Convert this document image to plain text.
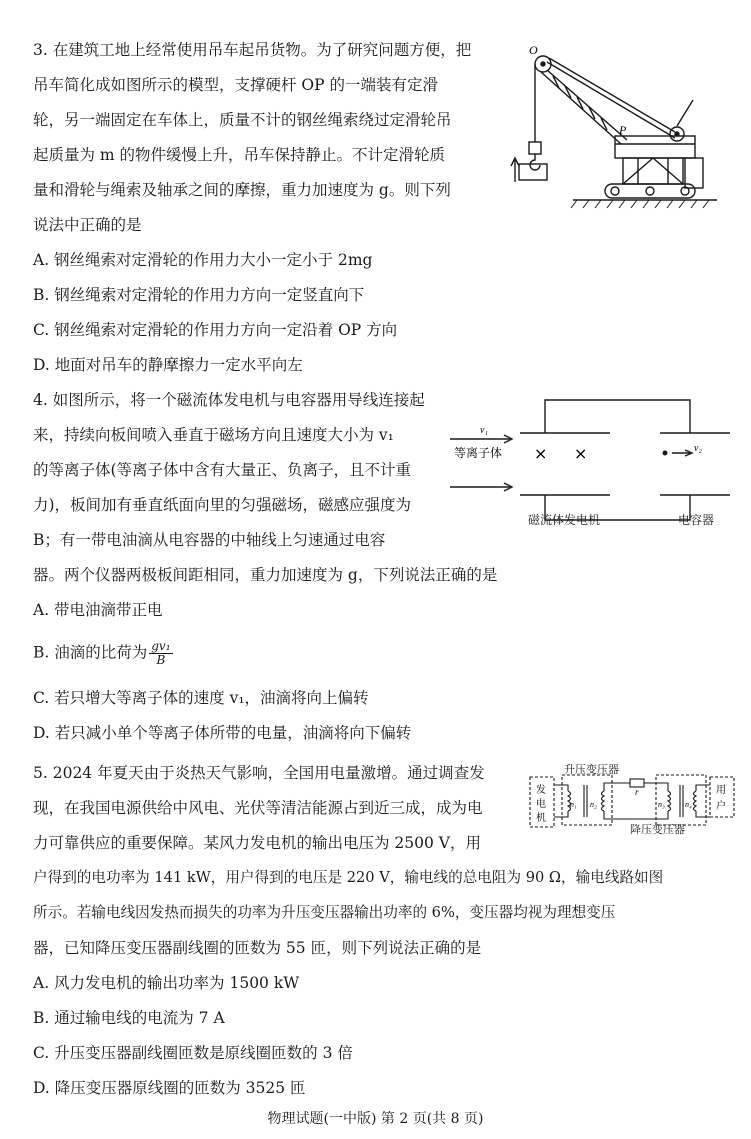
3. 在建筑工地上经常使用吊车起吊货物。为了研究问题方便，把
吊车简化成如图所示的模型，支撑硬杆 OP 的一端装有定滑
轮，另一端固定在车体上，质量不计的钢丝绳索绕过定滑轮吊
起质量为 m 的物件缓慢上升，吊车保持静止。不计定滑轮质
量和滑轮与绳索及轴承之间的摩擦，重力加速度为 g。则下列
说法中正确的是
A. 钢丝绳索对定滑轮的作用力大小一定小于 2mg
B. 钢丝绳索对定滑轮的作用力方向一定竖直向下
C. 钢丝绳索对定滑轮的作用力方向一定沿着 OP 方向
D. 地面对吊车的静摩擦力一定水平向左
O
P
4. 如图所示，将一个磁流体发电机与电容器用导线连接起
来，持续向板间喷入垂直于磁场方向且速度大小为 v₁
的等离子体(等离子体中含有大量正、负离子，且不计重
力)，板间加有垂直纸面向里的匀强磁场，磁感应强度为
B；有一带电油滴从电容器的中轴线上匀速通过电容
器。两个仪器两极板间距相同，重力加速度为 g，下列说法正确的是
A. 带电油滴带正电
B. 油滴的比荷为 $\frac{\text{gv₁}}{B}$
C. 若只增大等离子体的速度 v₁，油滴将向上偏转
D. 若只减小单个等离子体所带的电量，油滴将向下偏转
v₁
v₂
等离子体 × ×
磁流体发电机	电容器
5. 2024 年夏天由于炎热天气影响，全国用电量激增。通过调查发
现，在我国电源供给中风电、光伏等清洁能源占到近三成，成为电
力可靠供应的重要保障。某风力发电机的输出电压为 2500 V，用
户得到的电功率为 141 kW，用户得到的电压是 220 V，输电线的总电阻为 90 Ω，输电线路如图
所示。若输电线因发热而损失的功率为升压变压器输出功率的 6%，变压器均视为理想变压
器，已知降压变压器副线圈的匝数为 55 匝，则下列说法正确的是
A. 风力发电机的输出功率为 1500 kW
B. 通过输电线的电流为 7 A
C. 升压变压器副线圈匝数是原线圈匝数的 3 倍
D. 降压变压器原线圈的匝数为 3525 匝
r
n₁ n₂	n₃	n₄
发
电
机
用
户
升压变压器
降压变压器
物理试题(一中版) 第 2 页(共 8 页)
